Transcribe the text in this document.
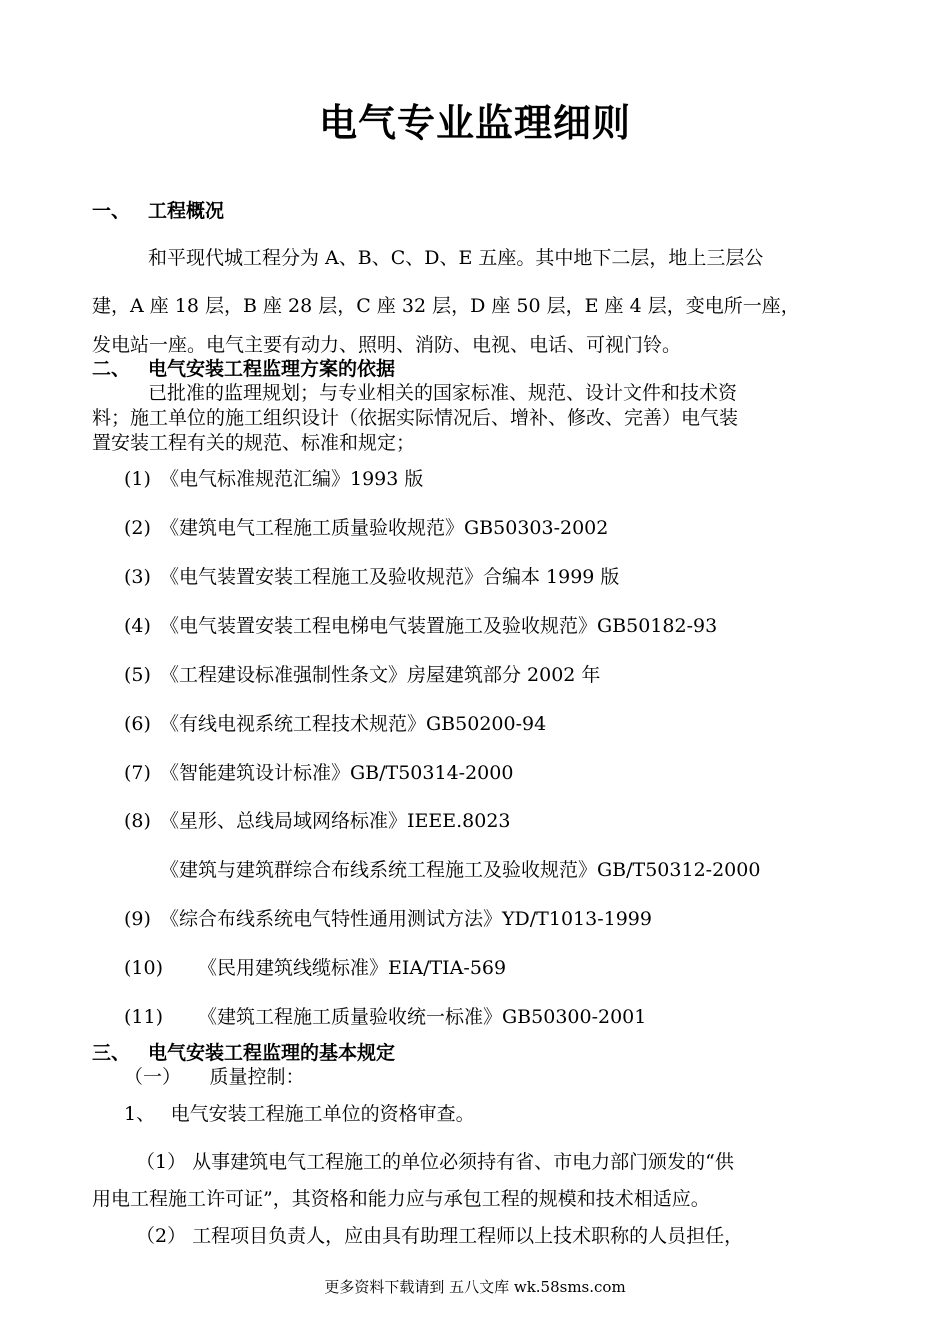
电气专业监理细则
一、 工程概况
和平现代城工程分为 A、B、C、D、E 五座。其中地下二层，地上三层公
建，A 座 18 层，B 座 28 层，C 座 32 层，D 座 50 层，E 座 4 层，变电所一座，
发电站一座。电气主要有动力、照明、消防、电视、电话、可视门铃。
二、 电气安装工程监理方案的依据
已批准的监理规划；与专业相关的国家标准、规范、设计文件和技术资
料；施工单位的施工组织设计（依据实际情况后、增补、修改、完善）电气装
置安装工程有关的规范、标准和规定；
(1) 《电气标准规范汇编》1993 版
(2) 《建筑电气工程施工质量验收规范》GB50303-2002
(3) 《电气装置安装工程施工及验收规范》合编本 1999 版
(4) 《电气装置安装工程电梯电气装置施工及验收规范》GB50182-93
(5) 《工程建设标准强制性条文》房屋建筑部分 2002 年
(6) 《有线电视系统工程技术规范》GB50200-94
(7) 《智能建筑设计标准》GB/T50314-2000
(8) 《星形、总线局域网络标准》IEEE.8023
《建筑与建筑群综合布线系统工程施工及验收规范》GB/T50312-2000
(9) 《综合布线系统电气特性通用测试方法》YD/T1013-1999
(10) 《民用建筑线缆标准》EIA/TIA-569
(11) 《建筑工程施工质量验收统一标准》GB50300-2001
三、 电气安装工程监理的基本规定
（一）　　质量控制：
1、　 电气安装工程施工单位的资格审查。
（1） 从事建筑电气工程施工的单位必须持有省、市电力部门颁发的“供
用电工程施工许可证”，其资格和能力应与承包工程的规模和技术相适应。
（2） 工程项目负责人，应由具有助理工程师以上技术职称的人员担任，
更多资料下载请到 五八文库 wk.58sms.com
